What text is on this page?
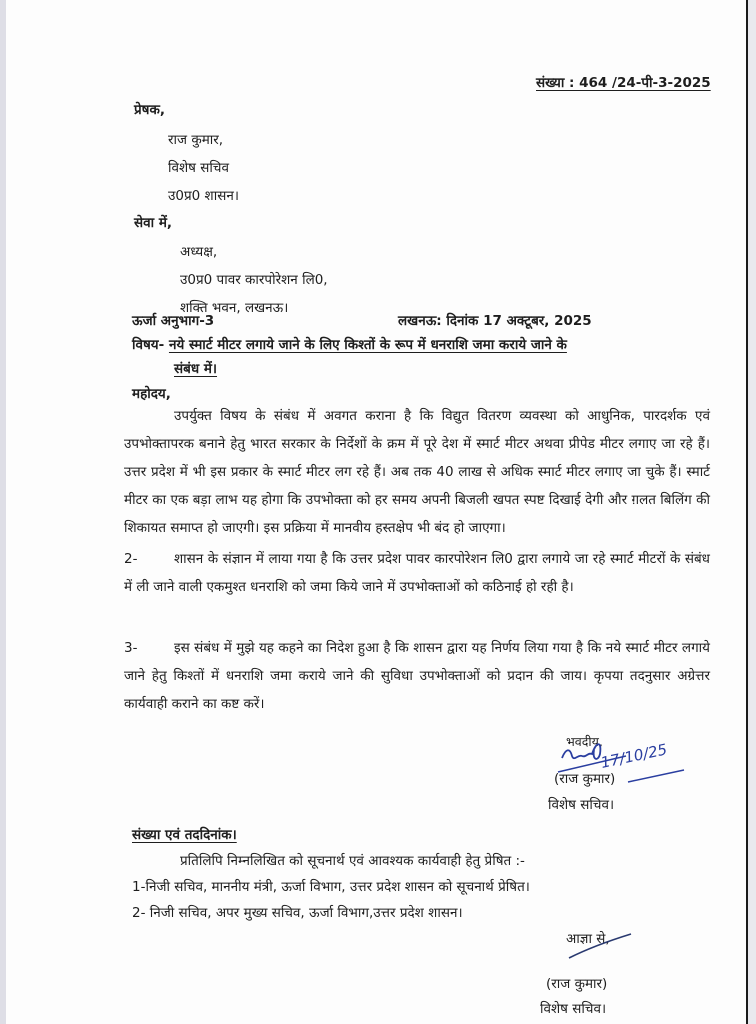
संख्या : 464 /24-पी-3-2025
प्रेषक,
राज कुमार,
विशेष सचिव
उ0प्र0 शासन।
सेवा में,
अध्यक्ष,
उ0प्र0 पावर कारपोरेशन लि0,
शक्ति भवन, लखनऊ।
ऊर्जा अनुभाग-3	लखनऊ: दिनांक 17 अक्टूबर, 2025
विषय- नये स्मार्ट मीटर लगाये जाने के लिए किश्तों के रूप में धनराशि जमा कराये जाने के
संबंध में।
महोदय,
उपर्युक्त विषय के संबंध में अवगत कराना है कि विद्युत वितरण व्यवस्था को आधुनिक, पारदर्शक एवं उपभोक्तापरक बनाने हेतु भारत सरकार के निर्देशों के क्रम में पूरे देश में स्मार्ट मीटर अथवा प्रीपेड मीटर लगाए जा रहे हैं। उत्तर प्रदेश में भी इस प्रकार के स्मार्ट मीटर लग रहे हैं। अब तक 40 लाख से अधिक स्मार्ट मीटर लगाए जा चुके हैं। स्मार्ट मीटर का एक बड़ा लाभ यह होगा कि उपभोक्ता को हर समय अपनी बिजली खपत स्पष्ट दिखाई देगी और ग़लत बिलिंग की शिकायत समाप्त हो जाएगी। इस प्रक्रिया में मानवीय हस्तक्षेप भी बंद हो जाएगा।
2-	शासन के संज्ञान में लाया गया है कि उत्तर प्रदेश पावर कारपोरेशन लि0 द्वारा लगाये जा रहे स्मार्ट मीटरों के संबंध में ली जाने वाली एकमुश्त धनराशि को जमा किये जाने में उपभोक्ताओं को कठिनाई हो रही है।
3-	इस संबंध में मुझे यह कहने का निदेश हुआ है कि शासन द्वारा यह निर्णय लिया गया है कि नये स्मार्ट मीटर लगाये जाने हेतु किश्तों में धनराशि जमा कराये जाने की सुविधा उपभोक्ताओं को प्रदान की जाय। कृपया तदनुसार अग्रेत्तर कार्यवाही कराने का कष्ट करें।
भवदीय,
17/10/25
(राज कुमार)
विशेष सचिव।
संख्या एवं तददिनांक।
प्रतिलिपि निम्नलिखित को सूचनार्थ एवं आवश्यक कार्यवाही हेतु प्रेषित :-
1-निजी सचिव, माननीय मंत्री, ऊर्जा विभाग, उत्तर प्रदेश शासन को सूचनार्थ प्रेषित।
2- निजी सचिव, अपर मुख्य सचिव, ऊर्जा विभाग,उत्तर प्रदेश शासन।
आज्ञा से,
(राज कुमार)
विशेष सचिव।
